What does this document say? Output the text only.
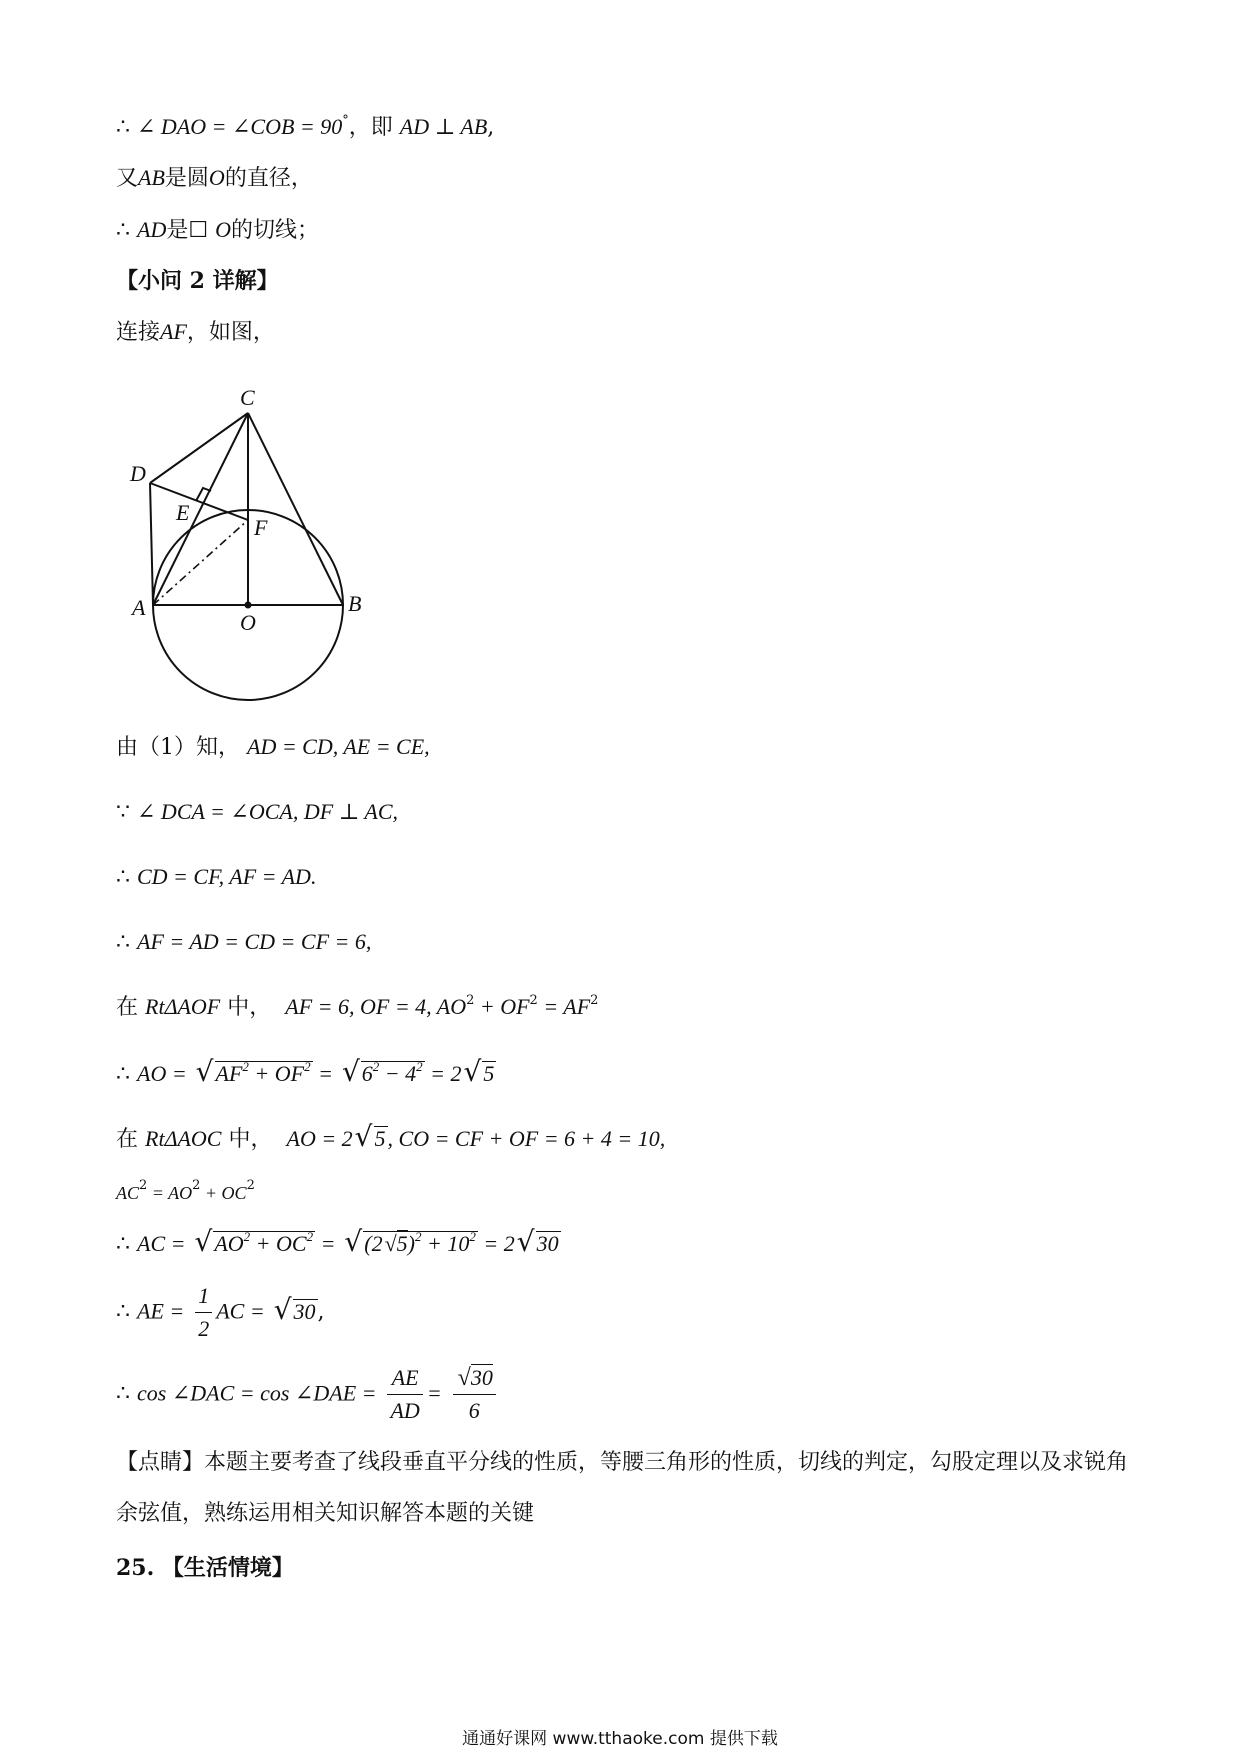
∴ ∠ DAO = ∠COB = 90°，即 AD ⊥ AB,
又AB是圆O的直径，
∴ AD是☐ O的切线；
【小问 2 详解】
连接AF，如图，
C
D
E
F
A
O
B
由（1）知， AD = CD, AE = CE,
∵ ∠ DCA = ∠OCA, DF ⊥ AC,
∴ CD = CF, AF = AD.
∴ AF = AD = CD = CF = 6,
在 RtΔAOF 中， AF = 6, OF = 4, $AO^2 + OF^2 = AF^2$
∴ AO = $√AF^2 + OF^2 = √6^2 - 4^2 = 2√5$
在 RtΔAOC 中， AO = 2√5, CO = CF + OF = 6 + 4 = 10,
$AC^2 = AO^2 + OC^2$
∴ AC = $√AO^2 + OC^2 = √(2√5)^2 + 10^2 = 2√30$
∴ AE = $\frac{1}{2}$ AC = √30,
∴ cos ∠DAC = cos ∠DAE = $\frac{AE}{AD} = \frac{√30}{6}$
【点睛】本题主要考查了线段垂直平分线的性质，等腰三角形的性质，切线的判定，勾股定理以及求锐角
余弦值，熟练运用相关知识解答本题的关键
25. 【生活情境】
通通好课网 www.tthaoke.com 提供下载
